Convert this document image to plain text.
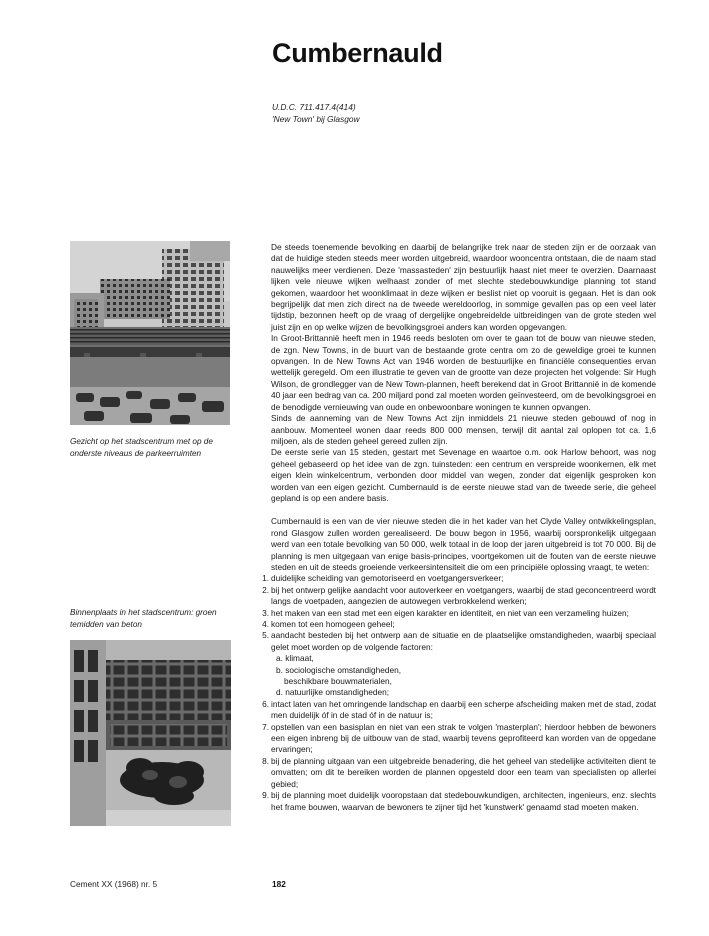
Cumbernauld
U.D.C. 711.417.4(414)
'New Town' bij Glasgow
Gezicht op het stadscentrum met op de
onderste niveaus de parkeerruimten
Binnenplaats in het stadscentrum: groen
temidden van beton

De steeds toenemende bevolking en daarbij de belangrijke trek naar de steden zijn er de oorzaak van dat de huidige steden steeds meer worden uitgebreid, waardoor wooncentra ontstaan, die de naam stad nauwelijks meer verdienen. Deze 'massasteden' zijn bestuurlijk haast niet meer te overzien. Daarnaast lijken vele nieuwe wijken welhaast zonder of met slechte stedebouwkundige planning tot stand gekomen, waardoor het woonklimaat in deze wijken er beslist niet op vooruit is gegaan. Het is dan ook begrijpelijk dat men zich direct na de tweede wereldoorlog, in sommige gevallen pas op een veel later tijdstip, bezonnen heeft op de vraag of dergelijke ongebreidelde uitbreidingen van de grote steden wel juist zijn en op welke wijzen de bevolkingsgroei anders kan worden opgevangen.

In Groot-Brittannië heeft men in 1946 reeds besloten om over te gaan tot de bouw van nieuwe steden, de zgn. New Towns, in de buurt van de bestaande grote centra om zo de geweldige groei te kunnen opvangen. In de New Towns Act van 1946 worden de bestuurlijke en financiële consequenties ervan wettelijk geregeld. Om een illustratie te geven van de grootte van deze projecten het volgende: Sir Hugh Wilson, de grondlegger van de New Town-plannen, heeft berekend dat in Groot Brittannië in de komende 40 jaar een bedrag van ca. 200 miljard pond zal moeten worden geïnvesteerd, om de bevolkingsgroei en de benodigde vernieuwing van oude en onbewoonbare woningen te kunnen opvangen.

Sinds de aanneming van de New Towns Act zijn inmiddels 21 nieuwe steden gebouwd of nog in aanbouw. Momenteel wonen daar reeds 800 000 mensen, terwijl dit aantal zal oplopen tot ca. 1,6 miljoen, als de steden geheel gereed zullen zijn.

De eerste serie van 15 steden, gestart met Sevenage en waartoe o.m. ook Harlow behoort, was nog geheel gebaseerd op het idee van de zgn. tuinsteden: een centrum en verspreide woonkernen, elk met eigen klein winkelcentrum, verbonden door middel van wegen, zonder dat eigenlijk gesproken kon worden van een eigen gezicht. Cumbernauld is de eerste nieuwe stad van de tweede serie, die geheel gepland is op een andere basis.

Cumbernauld is een van de vier nieuwe steden die in het kader van het Clyde Valley ontwikkelingsplan, rond Glasgow zullen worden gerealiseerd. De bouw begon in 1956, waarbij oorspronkelijk uitgegaan werd van een totale bevolking van 50 000, welk totaal in de loop der jaren uitgebreid is tot 70 000. Bij de planning is men uitgegaan van enige basis-principes, voortgekomen uit de fouten van de eerste nieuwe steden en uit de steeds groeiende verkeersintensiteit die om een principiële oplossing vraagt, te weten:

1. duidelijke scheiding van gemotoriseerd en voetgangersverkeer;
2. bij het ontwerp gelijke aandacht voor autoverkeer en voetgangers, waarbij de stad geconcentreerd wordt langs de voetpaden, aangezien de autowegen verbrokkelend werken;
3. het maken van een stad met een eigen karakter en identiteit, en niet van een verzameling huizen;
4. komen tot een homogeen geheel;
5. aandacht besteden bij het ontwerp aan de situatie en de plaatselijke omstandigheden, waarbij speciaal gelet moet worden op de volgende factoren:
a. klimaat,
b. sociologische omstandigheden,
beschikbare bouwmaterialen,
d. natuurlijke omstandigheden;
6. intact laten van het omringende landschap en daarbij een scherpe afscheiding maken met de stad, zodat men duidelijk óf in de stad óf in de natuur is;
7. opstellen van een basisplan en niet van een strak te volgen 'masterplan'; hierdoor hebben de bewoners een eigen inbreng bij de uitbouw van de stad, waarbij tevens geprofiteerd kan worden van de opgedane ervaringen;
8. bij de planning uitgaan van een uitgebreide benadering, die het geheel van stedelijke activiteiten dient te omvatten; om dit te bereiken worden de plannen opgesteld door een team van specialisten op allerlei gebied;
9. bij de planning moet duidelijk vooropstaan dat stedebouwkundigen, architecten, ingenieurs, enz. slechts het frame bouwen, waarvan de bewoners te zijner tijd het 'kunstwerk' genaamd stad moeten maken.
Cement XX (1968) nr. 5	182
